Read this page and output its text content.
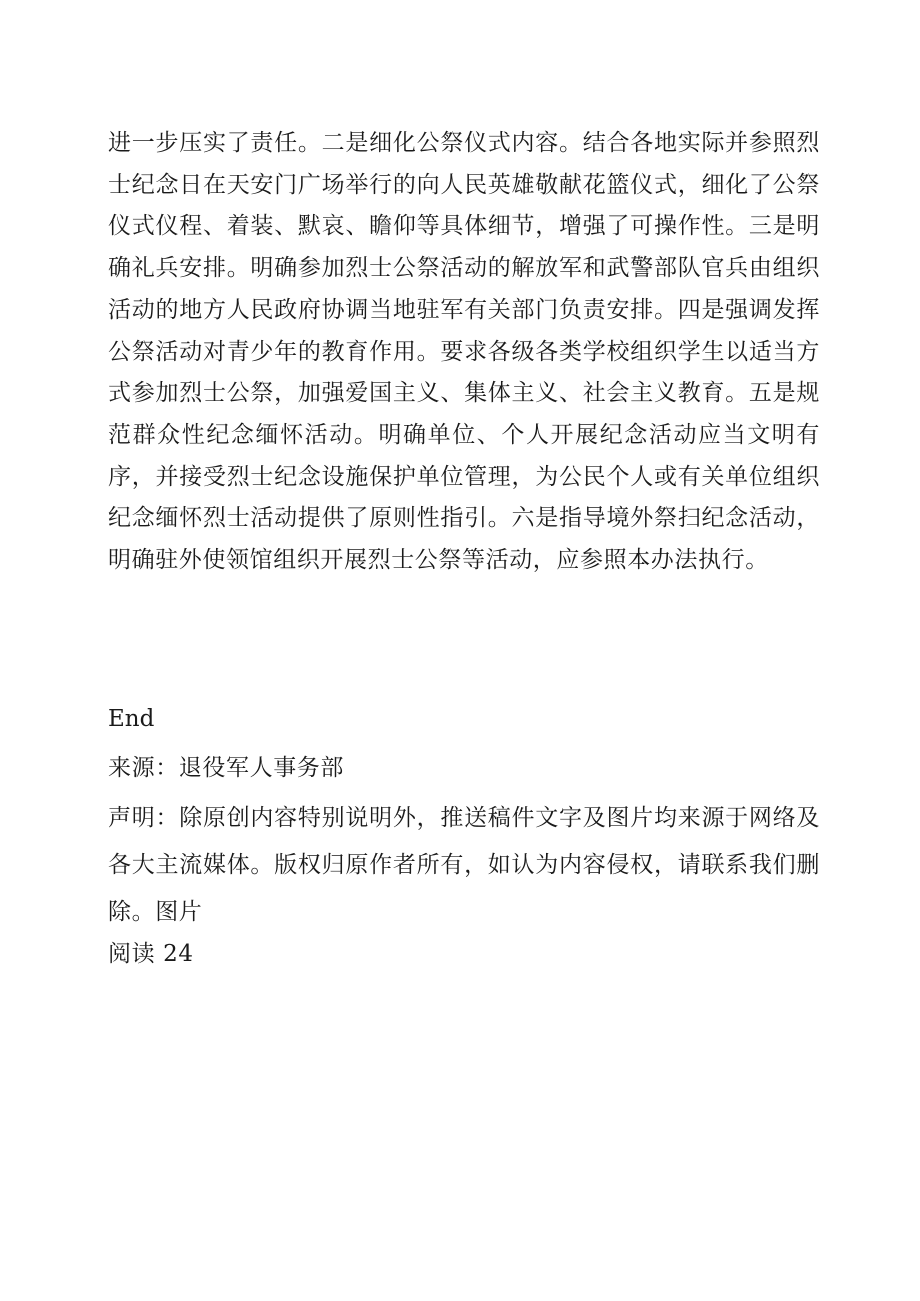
进一步压实了责任。二是细化公祭仪式内容。结合各地实际并参照烈士纪念日在天安门广场举行的向人民英雄敬献花篮仪式，细化了公祭仪式仪程、着装、默哀、瞻仰等具体细节，增强了可操作性。三是明确礼兵安排。明确参加烈士公祭活动的解放军和武警部队官兵由组织活动的地方人民政府协调当地驻军有关部门负责安排。四是强调发挥公祭活动对青少年的教育作用。要求各级各类学校组织学生以适当方式参加烈士公祭，加强爱国主义、集体主义、社会主义教育。五是规范群众性纪念缅怀活动。明确单位、个人开展纪念活动应当文明有序，并接受烈士纪念设施保护单位管理，为公民个人或有关单位组织纪念缅怀烈士活动提供了原则性指引。六是指导境外祭扫纪念活动，明确驻外使领馆组织开展烈士公祭等活动，应参照本办法执行。

End

来源：退役军人事务部

声明：除原创内容特别说明外，推送稿件文字及图片均来源于网络及各大主流媒体。版权归原作者所有，如认为内容侵权，请联系我们删除。图片

阅读 24
